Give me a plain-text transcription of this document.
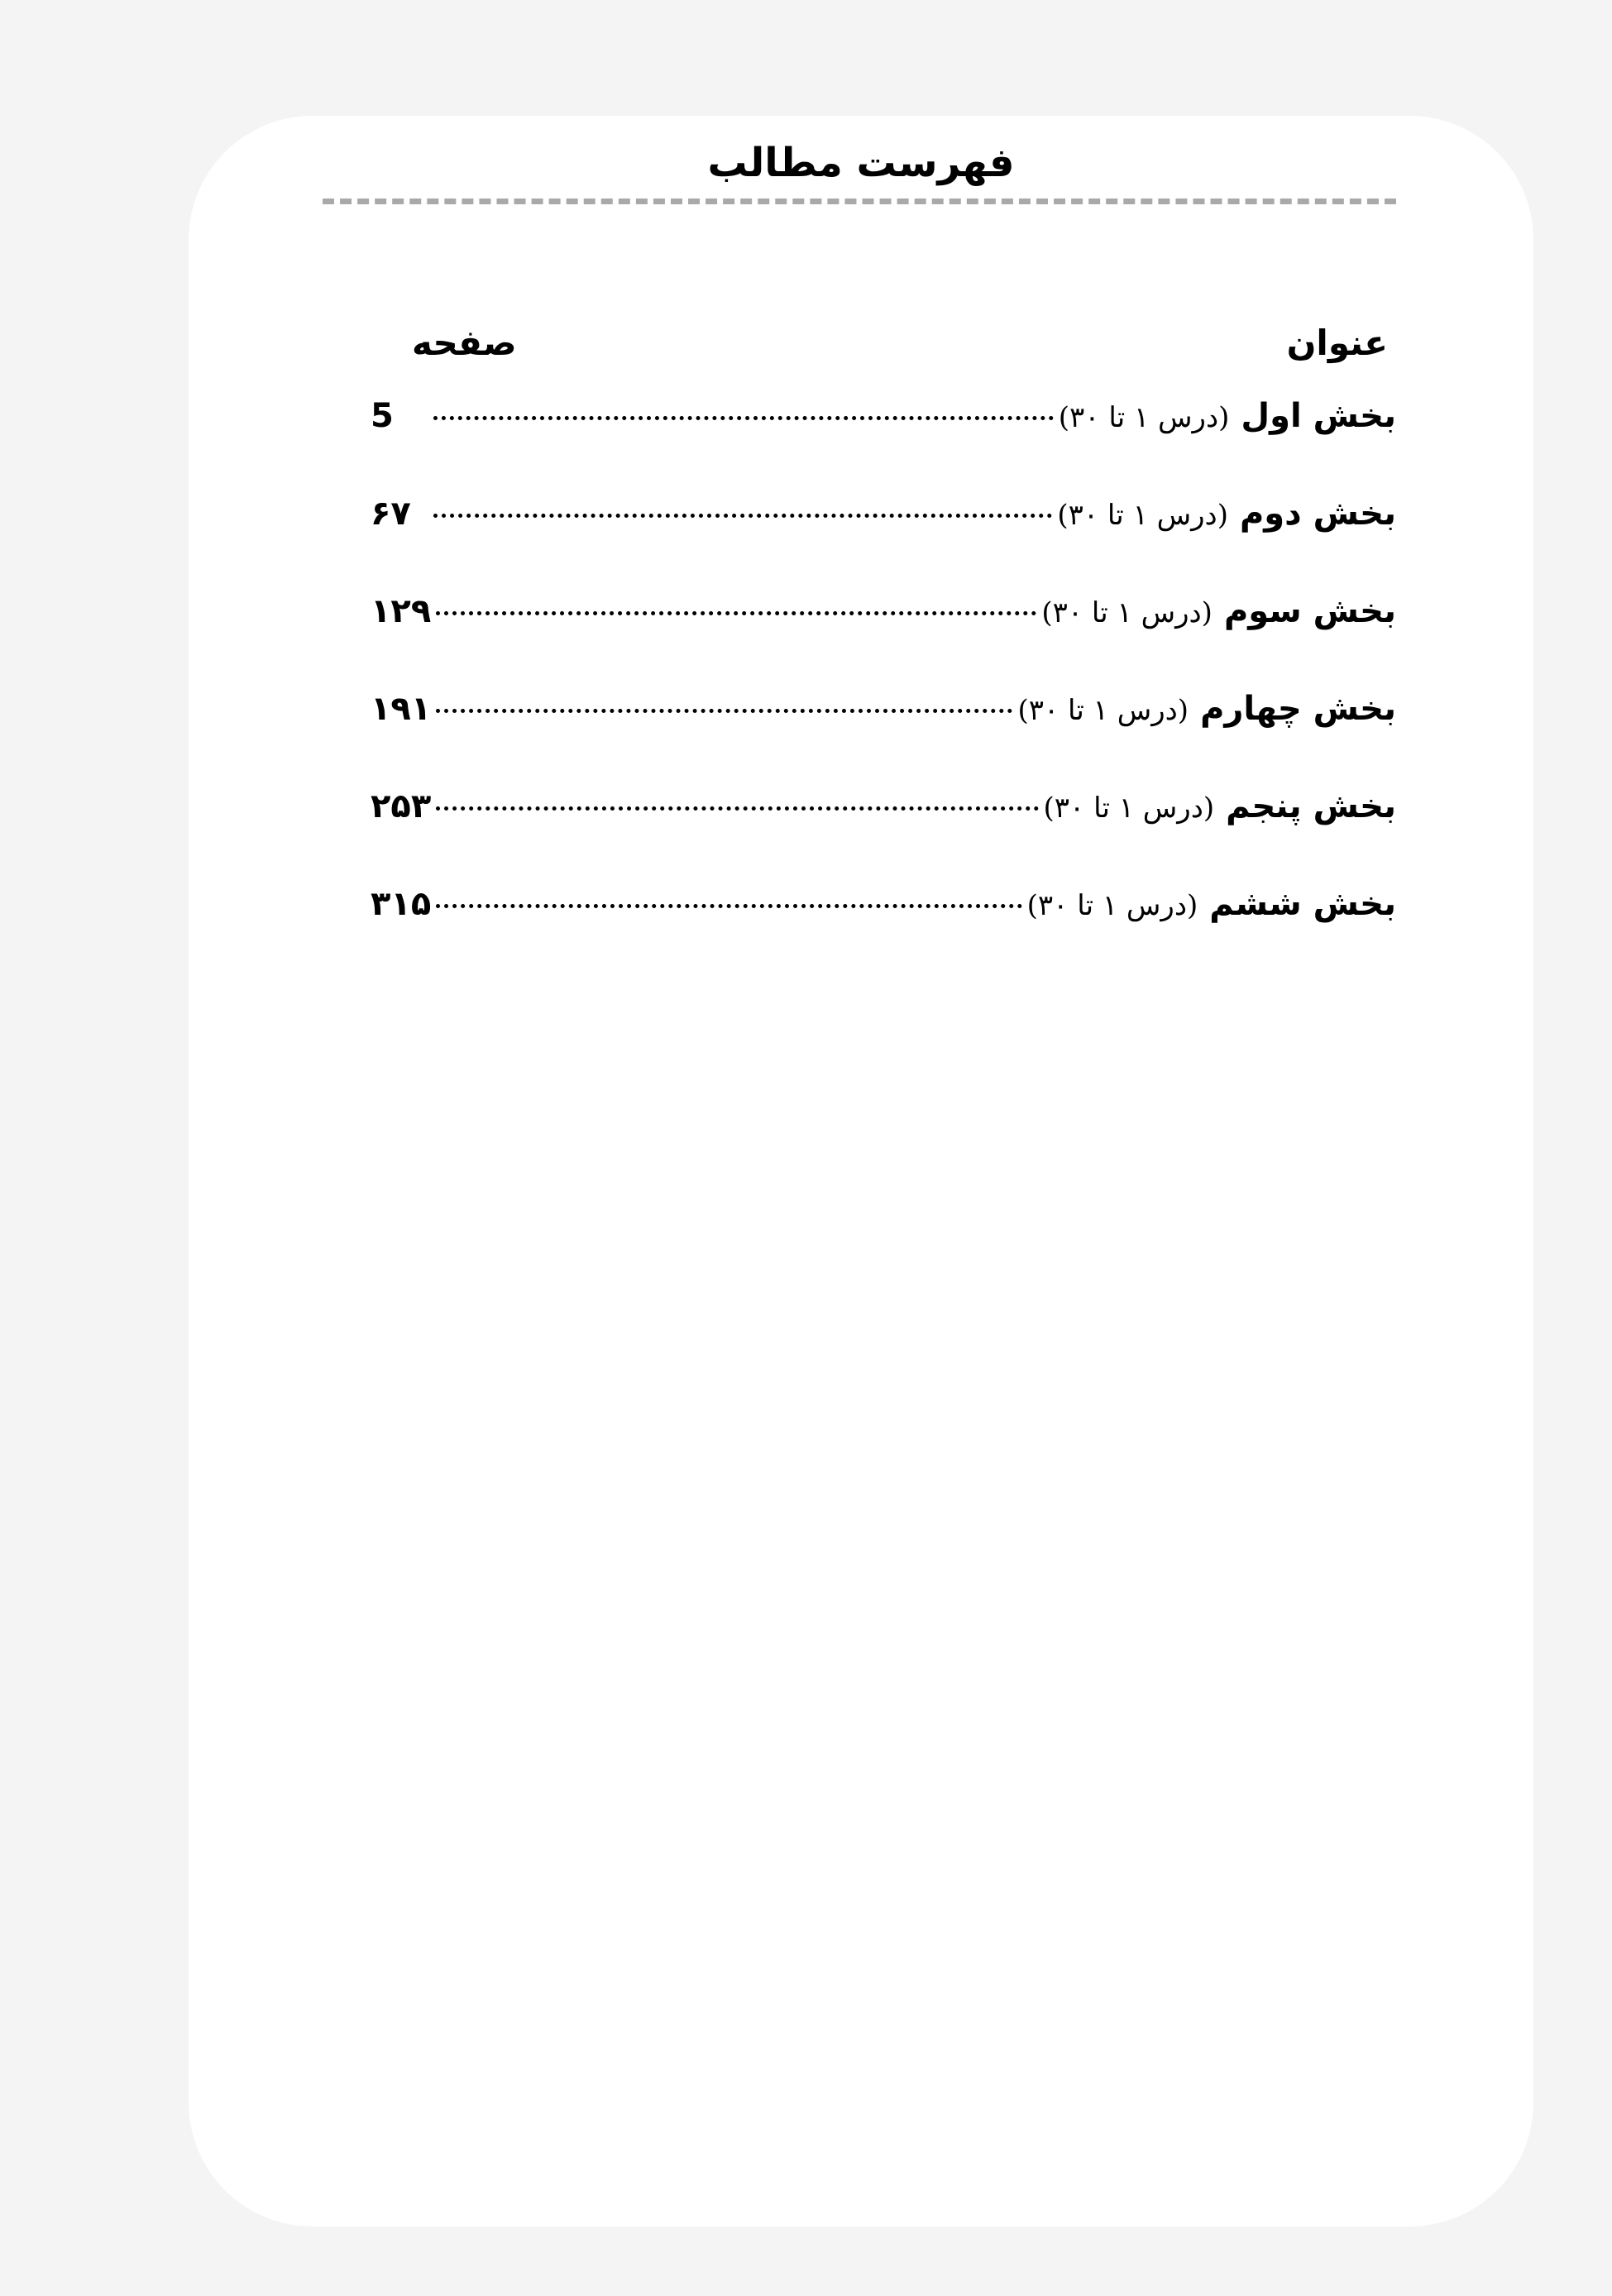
فهرست مطالب
عنوان
صفحه
بخش اول
(درس ۱ تا ۳۰)
5
بخش دوم
(درس ۱ تا ۳۰)
۶۷
بخش سوم
(درس ۱ تا ۳۰)
۱۲۹
بخش چهارم
(درس ۱ تا ۳۰)
۱۹۱
بخش پنجم
(درس ۱ تا ۳۰)
۲۵۳
بخش ششم
(درس ۱ تا ۳۰)
۳۱۵
